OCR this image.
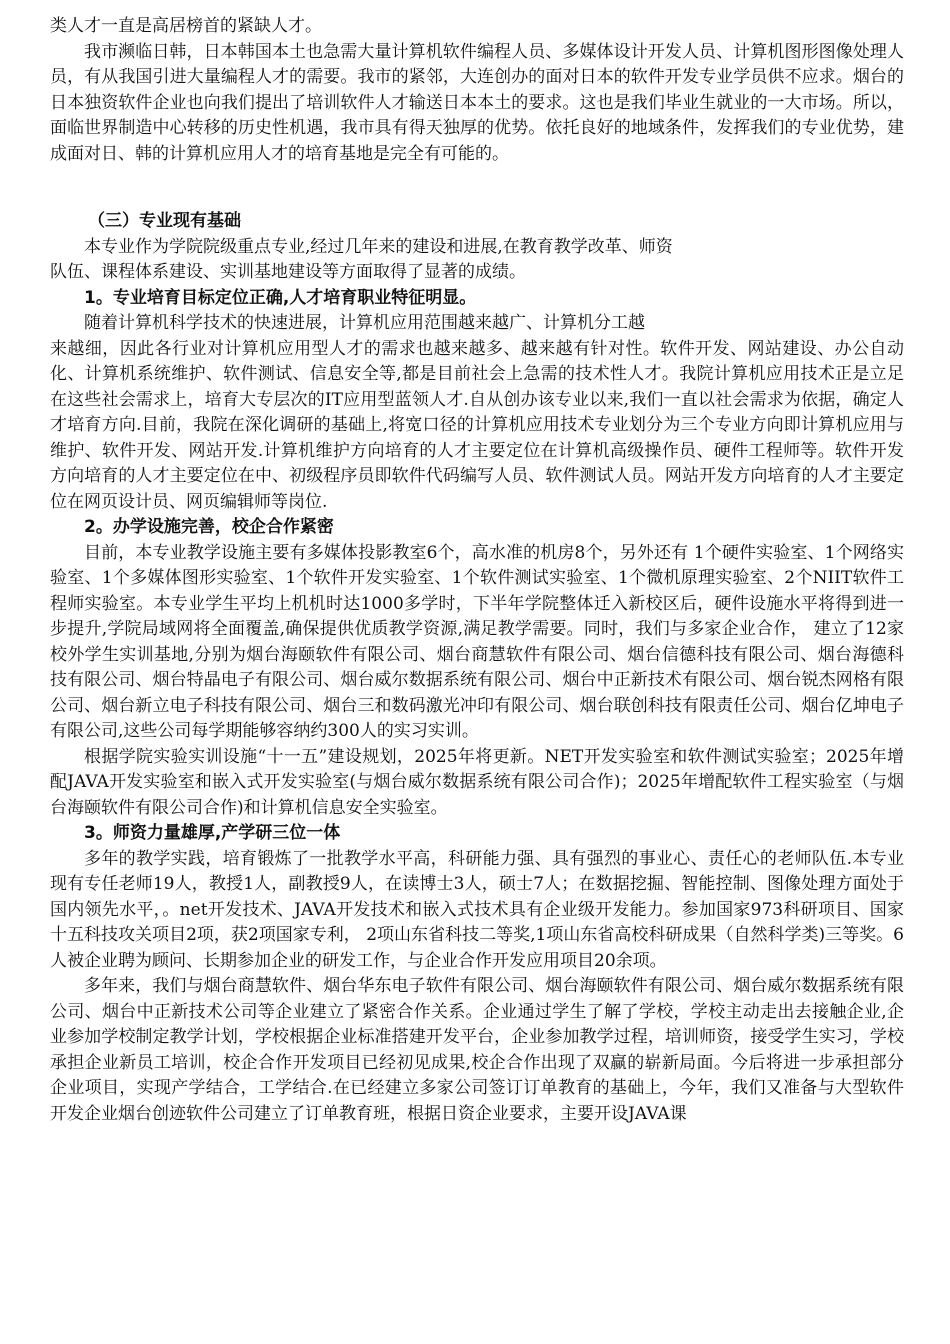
类人才一直是高居榜首的紧缺人才。

我市濒临日韩，日本韩国本土也急需大量计算机软件编程人员、多媒体设计开发人员、计算机图形图像处理人员，有从我国引进大量编程人才的需要。我市的紧邻，大连创办的面对日本的软件开发专业学员供不应求。烟台的日本独资软件企业也向我们提出了培训软件人才输送日本本土的要求。这也是我们毕业生就业的一大市场。所以，面临世界制造中心转移的历史性机遇，我市具有得天独厚的优势。依托良好的地域条件，发挥我们的专业优势，建成面对日、韩的计算机应用人才的培育基地是完全有可能的。

（三）专业现有基础

本专业作为学院院级重点专业,经过几年来的建设和进展,在教育教学改革、师资

队伍、课程体系建设、实训基地建设等方面取得了显著的成绩。

1。专业培育目标定位正确,人才培育职业特征明显。

随着计算机科学技术的快速进展，计算机应用范围越来越广、计算机分工越

来越细，因此各行业对计算机应用型人才的需求也越来越多、越来越有针对性。软件开发、网站建设、办公自动化、计算机系统维护、软件测试、信息安全等,都是目前社会上急需的技术性人才。我院计算机应用技术正是立足在这些社会需求上，培育大专层次的IT应用型蓝领人才.自从创办该专业以来,我们一直以社会需求为依据，确定人才培育方向.目前，我院在深化调研的基础上,将宽口径的计算机应用技术专业划分为三个专业方向即计算机应用与维护、软件开发、网站开发.计算机维护方向培育的人才主要定位在计算机高级操作员、硬件工程师等。软件开发方向培育的人才主要定位在中、初级程序员即软件代码编写人员、软件测试人员。网站开发方向培育的人才主要定位在网页设计员、网页编辑师等岗位.

2。办学设施完善，校企合作紧密

目前，本专业教学设施主要有多媒体投影教室6个，高水准的机房8个，另外还有 1个硬件实验室、1个网络实验室、1个多媒体图形实验室、1个软件开发实验室、1个软件测试实验室、1个微机原理实验室、2个NIIT软件工程师实验室。本专业学生平均上机机时达1000多学时，下半年学院整体迁入新校区后，硬件设施水平将得到进一步提升,学院局域网将全面覆盖,确保提供优质教学资源,满足教学需要。同时，我们与多家企业合作， 建立了12家校外学生实训基地,分别为烟台海颐软件有限公司、烟台商慧软件有限公司、烟台信德科技有限公司、烟台海德科技有限公司、烟台特晶电子有限公司、烟台威尔数据系统有限公司、烟台中正新技术有限公司、烟台锐杰网格有限公司、烟台新立电子科技有限公司、烟台三和数码激光冲印有限公司、烟台联创科技有限责任公司、烟台亿坤电子有限公司,这些公司每学期能够容纳约300人的实习实训。

根据学院实验实训设施“十一五”建设规划，2025年将更新。NET开发实验室和软件测试实验室；2025年增配JAVA开发实验室和嵌入式开发实验室(与烟台威尔数据系统有限公司合作)；2025年增配软件工程实验室（与烟台海颐软件有限公司合作)和计算机信息安全实验室。

3。师资力量雄厚,产学研三位一体

多年的教学实践，培育锻炼了一批教学水平高，科研能力强、具有强烈的事业心、责任心的老师队伍.本专业现有专任老师19人，教授1人，副教授9人，在读博士3人，硕士7人；在数据挖掘、智能控制、图像处理方面处于国内领先水平，。net开发技术、JAVA开发技术和嵌入式技术具有企业级开发能力。参加国家973科研项目、国家十五科技攻关项目2项，获2项国家专利， 2项山东省科技二等奖,1项山东省高校科研成果（自然科学类)三等奖。6人被企业聘为顾问、长期参加企业的研发工作，与企业合作开发应用项目20余项。

多年来，我们与烟台商慧软件、烟台华东电子软件有限公司、烟台海颐软件有限公司、烟台威尔数据系统有限公司、烟台中正新技术公司等企业建立了紧密合作关系。企业通过学生了解了学校，学校主动走出去接触企业,企业参加学校制定教学计划，学校根据企业标准搭建开发平台，企业参加教学过程，培训师资，接受学生实习，学校承担企业新员工培训，校企合作开发项目已经初见成果,校企合作出现了双赢的崭新局面。今后将进一步承担部分企业项目，实现产学结合，工学结合.在已经建立多家公司签订订单教育的基础上，今年，我们又准备与大型软件开发企业烟台创迹软件公司建立了订单教育班，根据日资企业要求，主要开设JAVA课
